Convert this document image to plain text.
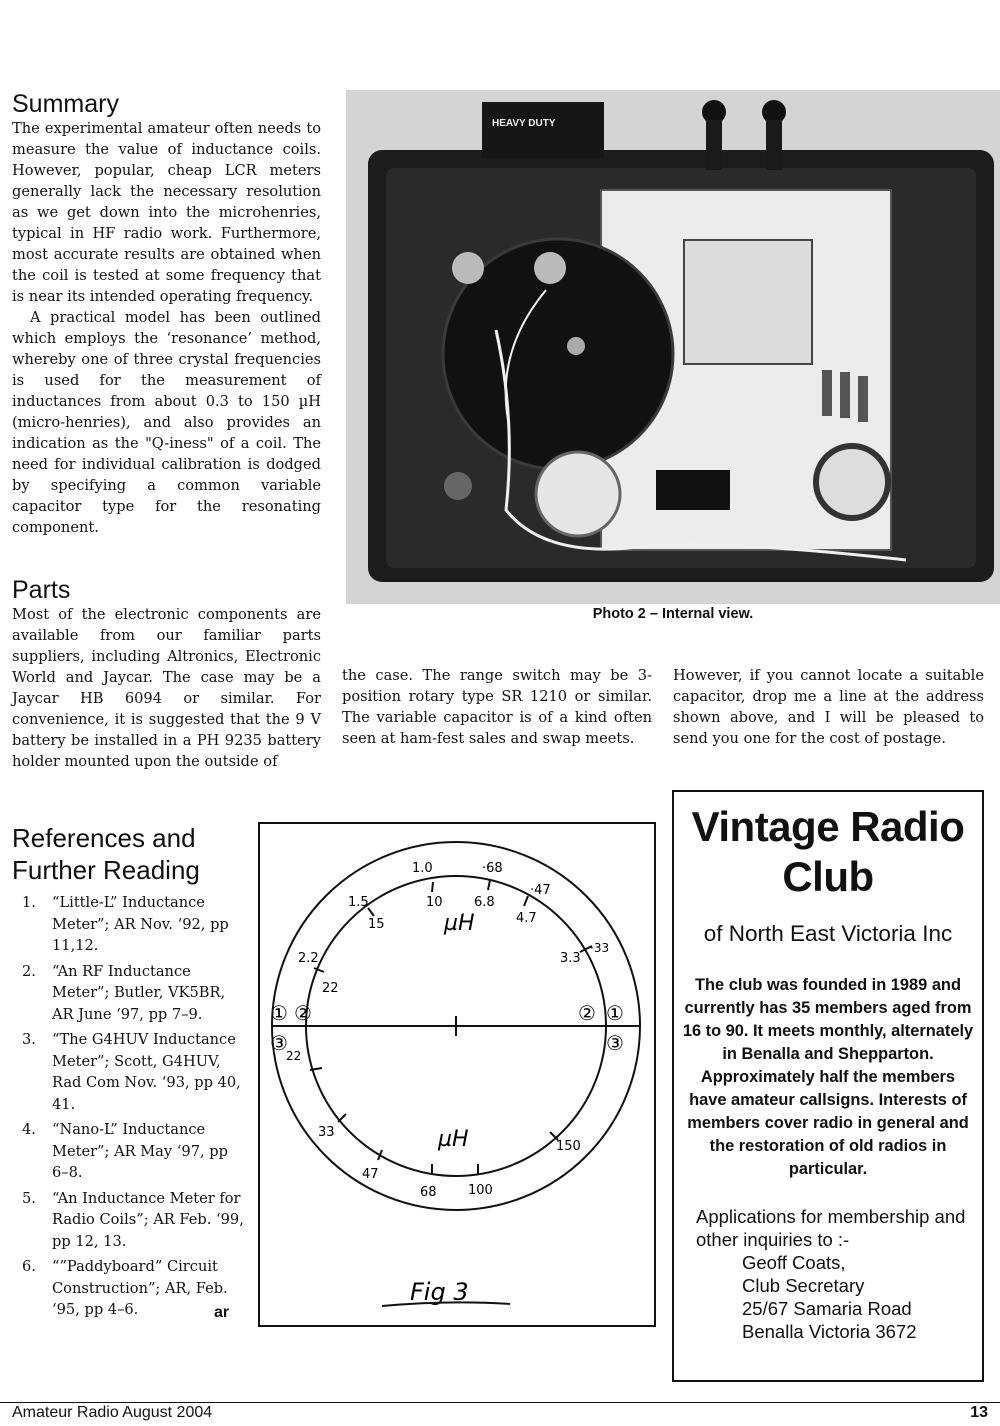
Summary

The experimental amateur often needs to measure the value of inductance coils. However, popular, cheap LCR meters generally lack the necessary resolution as we get down into the microhenries, typical in HF radio work. Furthermore, most accurate results are obtained when the coil is tested at some frequency that is near its intended operating frequency.

A practical model has been outlined which employs the ‘resonance’ method, whereby one of three crystal frequencies is used for the measurement of inductances from about 0.3 to 150 µH (micro-henries), and also provides an indication as the "Q-iness" of a coil. The need for individual calibration is dodged by specifying a common variable capacitor type for the resonating component.

Parts

Most of the electronic components are available from our familiar parts suppliers, including Altronics, Electronic World and Jaycar. The case may be a Jaycar HB 6094 or similar. For convenience, it is suggested that the 9 V battery be installed in a PH 9235 battery holder mounted upon the outside of

the case. The range switch may be 3-position rotary type SR 1210 or similar. The variable capacitor is of a kind often seen at ham-fest sales and swap meets.

However, if you cannot locate a suitable capacitor, drop me a line at the address shown above, and I will be pleased to send you one for the cost of postage.

HEAVY DUTY
Photo 2 – Internal view.
References and
Further Reading
1. “Little-L” Inductance Meter”; AR Nov. ‘92, pp 11,12.
2. “An RF Inductance Meter”; Butler, VK5BR, AR June ‘97, pp 7–9.
3. “The G4HUV Inductance Meter”; Scott, G4HUV, Rad Com Nov. ‘93, pp 40, 41.
4. “Nano-L” Inductance Meter”; AR May ‘97, pp 6–8.
5. “An Inductance Meter for Radio Coils”; AR Feb. ‘99, pp 12, 13.
6. “”Paddyboard” Circuit Construction”; AR, Feb. ‘95, pp 4–6.	ar
1.0	·68
·47
1.5
2.2	3.3
·33
10 6.8
4.7
15
22
22
33
47
68 100
150
µH
µH
① ②	② ①
③	③
Fig 3
Vintage Radio Club
of North East Victoria Inc
The club was founded in 1989 and currently has 35 members aged from 16 to 90. It meets monthly, alternately in Benalla and Shepparton. Approximately half the members have amateur callsigns. Interests of members cover radio in general and the restoration of old radios in particular.
Applications for membership and other inquiries to :-
Geoff Coats,
Club Secretary
25/67 Samaria Road
Benalla Victoria 3672
Amateur Radio August 2004	13
